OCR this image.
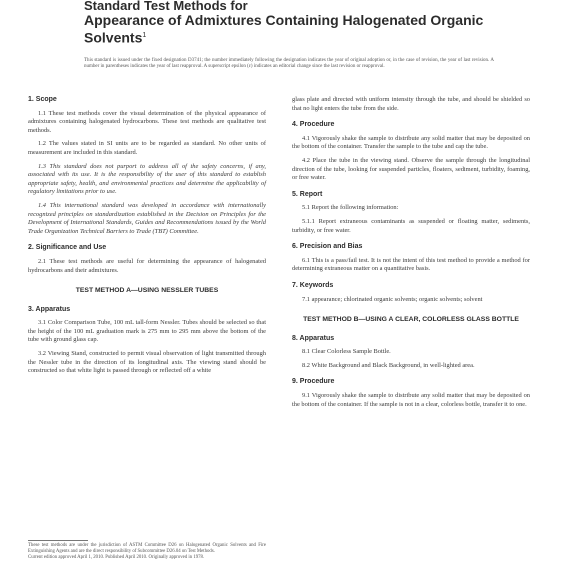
Standard Test Methods for
Appearance of Admixtures Containing Halogenated Organic
Solvents$^1$
This standard is issued under the fixed designation D3741; the number immediately following the designation indicates the year of original adoption or, in the case of revision, the year of last revision. A number in parentheses indicates the year of last reapproval. A superscript epsilon (ε) indicates an editorial change since the last revision or reapproval.
1. Scope

1.1 These test methods cover the visual determination of the physical appearance of admixtures containing halogenated hydrocarbons. These test methods are qualitative test methods.

1.2 The values stated in SI units are to be regarded as standard. No other units of measurement are included in this standard.

1.3 This standard does not purport to address all of the safety concerns, if any, associated with its use. It is the responsibility of the user of this standard to establish appropriate safety, health, and environmental practices and determine the applicability of regulatory limitations prior to use.

1.4 This international standard was developed in accordance with internationally recognized principles on standardization established in the Decision on Principles for the Development of International Standards, Guides and Recommendations issued by the World Trade Organization Technical Barriers to Trade (TBT) Committee.

2. Significance and Use

2.1 These test methods are useful for determining the appearance of halogenated hydrocarbons and their admixtures.

TEST METHOD A—USING NESSLER TUBES
3. Apparatus

3.1 Color Comparison Tube, 100 mL tall-form Nessler. Tubes should be selected so that the height of the 100 mL graduation mark is 275 mm to 295 mm above the bottom of the tube with ground glass cap.

3.2 Viewing Stand, constructed to permit visual observation of light transmitted through the Nessler tube in the direction of its longitudinal axis. The viewing stand should be constructed so that white light is passed through or reflected off a white

glass plate and directed with uniform intensity through the tube, and should be shielded so that no light enters the tube from the side.

4. Procedure

4.1 Vigorously shake the sample to distribute any solid matter that may be deposited on the bottom of the container. Transfer the sample to the tube and cap the tube.

4.2 Place the tube in the viewing stand. Observe the sample through the longitudinal direction of the tube, looking for suspended particles, floaters, sediment, turbidity, foaming, or free water.

5. Report

5.1 Report the following information:

5.1.1 Report extraneous contaminants as suspended or floating matter, sediments, turbidity, or free water.

6. Precision and Bias

6.1 This is a pass/fail test. It is not the intent of this test method to provide a method for determining extraneous matter on a quantitative basis.

7. Keywords

7.1 appearance; chlorinated organic solvents; organic solvents; solvent

TEST METHOD B—USING A CLEAR, COLORLESS GLASS BOTTLE
8. Apparatus

8.1 Clear Colorless Sample Bottle.

8.2 White Background and Black Background, in well-lighted area.

9. Procedure

9.1 Vigorously shake the sample to distribute any solid matter that may be deposited on the bottom of the container. If the sample is not in a clear, colorless bottle, transfer it to one.

These test methods are under the jurisdiction of ASTM Committee D26 on Halogenated Organic Solvents and Fire Extinguishing Agents and are the direct responsibility of Subcommittee D26.04 on Test Methods.
Current edition approved April 1, 2010. Published April 2010. Originally approved in 1978.
